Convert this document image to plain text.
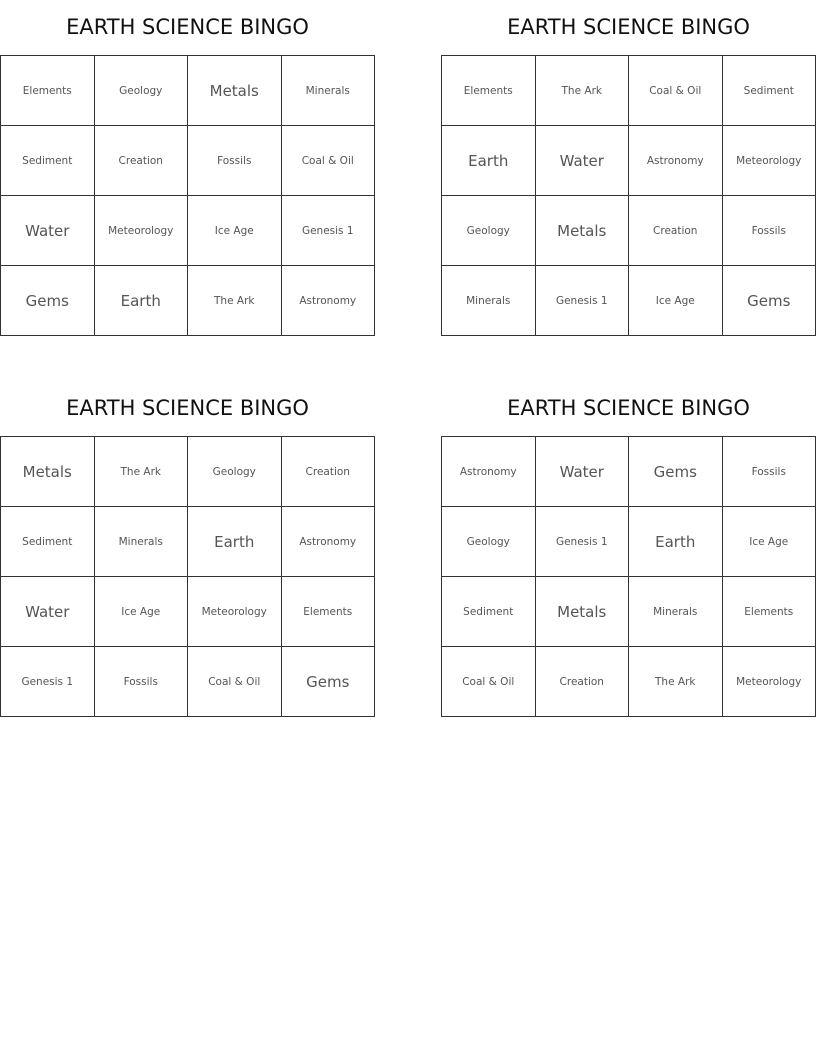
EARTH SCIENCE BINGO
Elements	Geology	Metals	Minerals
Sediment	Creation	Fossils	Coal & Oil
Water	Meteorology	Ice Age	Genesis 1
Gems	Earth	The Ark	Astronomy
EARTH SCIENCE BINGO
Elements	The Ark	Coal & Oil	Sediment
Earth	Water	Astronomy	Meteorology
Geology	Metals	Creation	Fossils
Minerals	Genesis 1	Ice Age	Gems
EARTH SCIENCE BINGO
Metals	The Ark	Geology	Creation
Sediment	Minerals	Earth	Astronomy
Water	Ice Age	Meteorology	Elements
Genesis 1	Fossils	Coal & Oil	Gems
EARTH SCIENCE BINGO
Astronomy	Water	Gems	Fossils
Geology	Genesis 1	Earth	Ice Age
Sediment	Metals	Minerals	Elements
Coal & Oil	Creation	The Ark	Meteorology
